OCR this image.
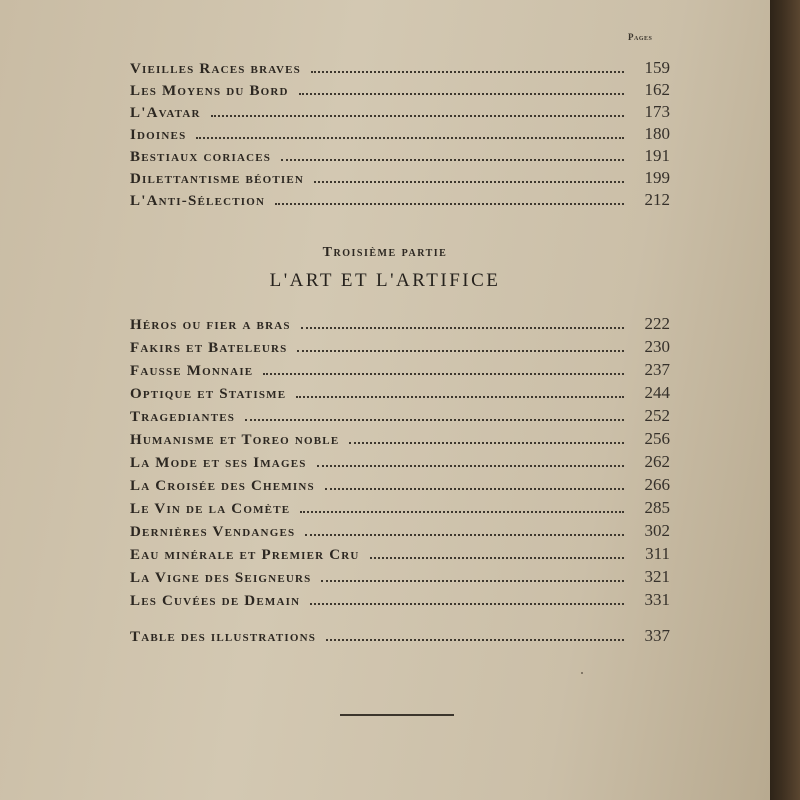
Pages
Vieilles Races braves	159
Les Moyens du Bord	162
L'Avatar	173
Idoines	180
Bestiaux coriaces	191
Dilettantisme béotien	199
L'Anti-Sélection	212
Troisième partie
L'ART ET L'ARTIFICE
Héros ou fier a bras	222
Fakirs et Bateleurs	230
Fausse Monnaie	237
Optique et Statisme	244
Tragediantes	252
Humanisme et Toreo noble	256
La Mode et ses Images	262
La Croisée des Chemins	266
Le Vin de la Comète	285
Dernières Vendanges	302
Eau minérale et Premier Cru	311
La Vigne des Seigneurs	321
Les Cuvées de Demain	331
Table des illustrations	337
